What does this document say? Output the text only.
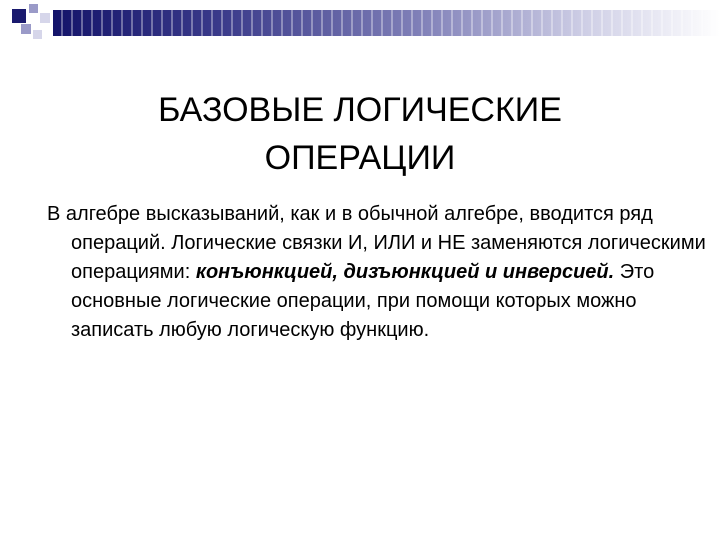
БАЗОВЫЕ ЛОГИЧЕСКИЕ
ОПЕРАЦИИ

В алгебре высказываний, как и в обычной алгебре, вводится ряд операций. Логические связки И, ИЛИ и НЕ заменяются логическими операциями: конъюнкцией, дизъюнкцией и инверсией. Это основные логические операции, при помощи которых можно записать любую логическую функцию.
